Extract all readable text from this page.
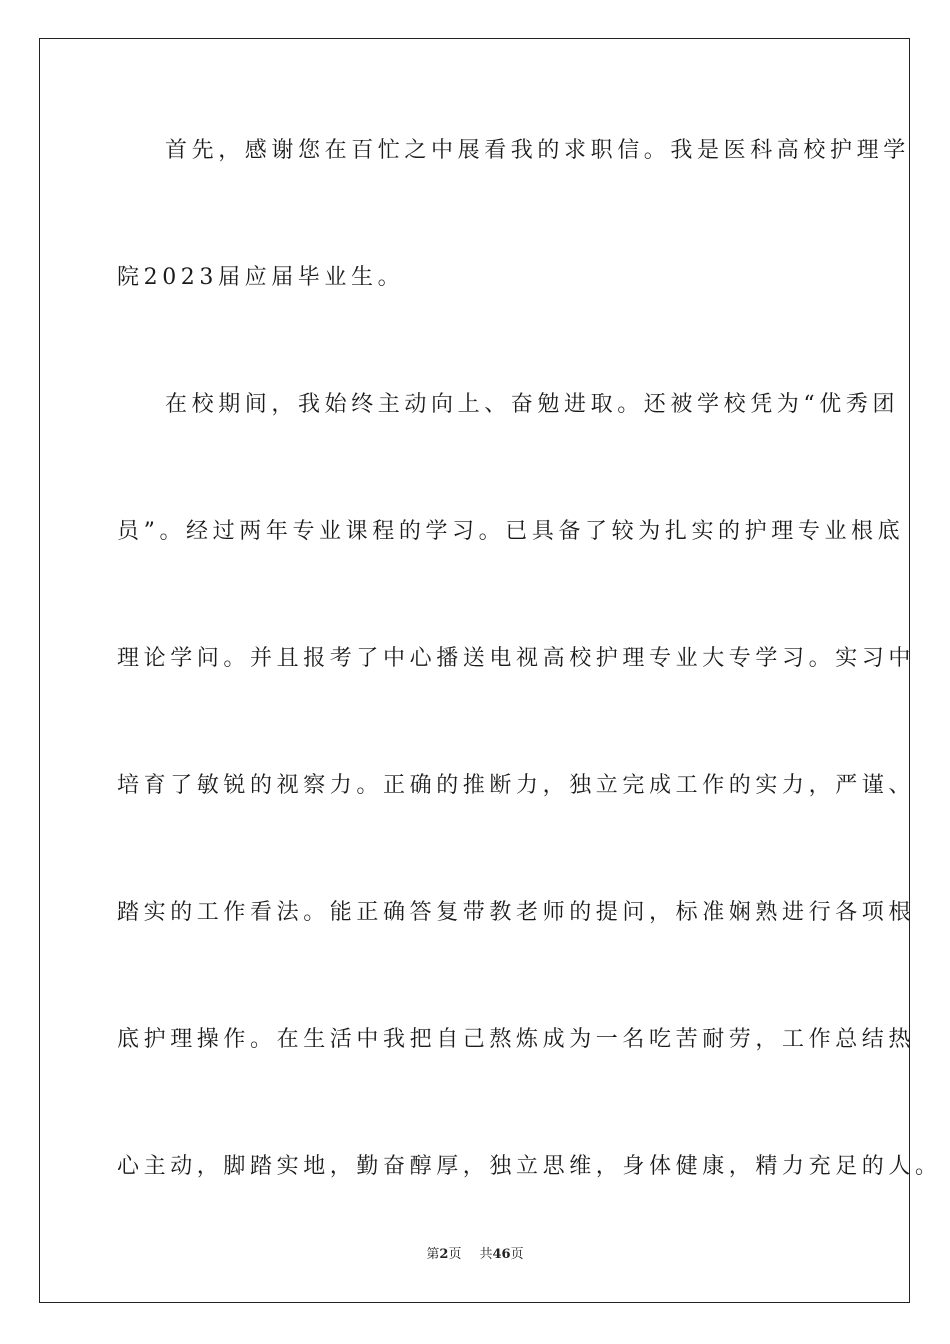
首先，感谢您在百忙之中展看我的求职信。我是医科高校护理学
院2023届应届毕业生。
在校期间，我始终主动向上、奋勉进取。还被学校凭为“优秀团
员”。经过两年专业课程的学习。已具备了较为扎实的护理专业根底
理论学问。并且报考了中心播送电视高校护理专业大专学习。实习中
培育了敏锐的视察力。正确的推断力，独立完成工作的实力，严谨、
踏实的工作看法。能正确答复带教老师的提问，标准娴熟进行各项根
底护理操作。在生活中我把自己熬炼成为一名吃苦耐劳，工作总结热
心主动，脚踏实地，勤奋醇厚，独立思维，身体健康，精力充足的人。
第2页 共46页
